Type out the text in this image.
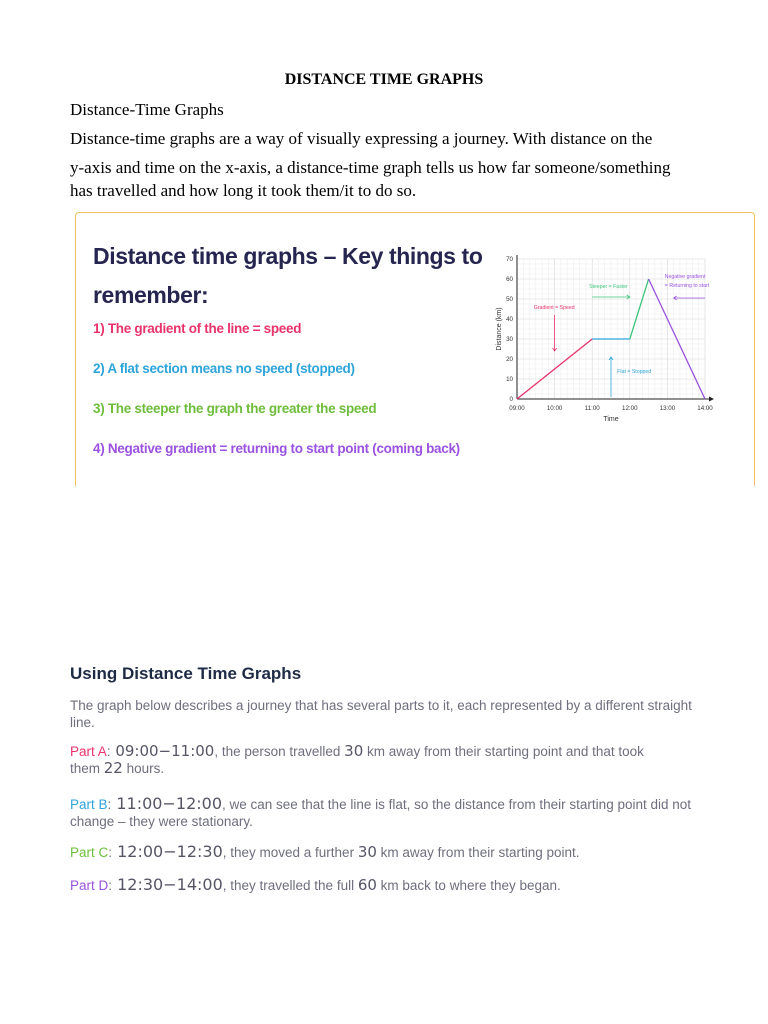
DISTANCE TIME GRAPHS
Distance-Time Graphs
Distance-time graphs are a way of visually expressing a journey. With distance on the
y-axis and time on the x-axis, a distance-time graph tells us how far someone/something
has travelled and how long it took them/it to do so.
Distance time graphs – Key things to
remember:
1) The gradient of the line = speed
2) A flat section means no speed (stopped)
3) The steeper the graph the greater the speed
4) Negative gradient = returning to start point (coming back)
09:00	10:00	11:00	12:00	13:00	14:00
0
10
20
30
40
50
60
70
Time
Distance (km)	Gradient = Speed
Flat = Stopped
Steeper = Faster
Negative gradient
= Returning to start
Using Distance Time Graphs
The graph below describes a journey that has several parts to it, each represented by a different straight line.
Part A: 09:00−11:00, the person travelled 30 km away from their starting point and that took
them 22 hours.
Part B: 11:00−12:00, we can see that the line is flat, so the distance from their starting point did not change – they were stationary.
Part C: 12:00−12:30, they moved a further 30 km away from their starting point.
Part D: 12:30−14:00, they travelled the full 60 km back to where they began.
